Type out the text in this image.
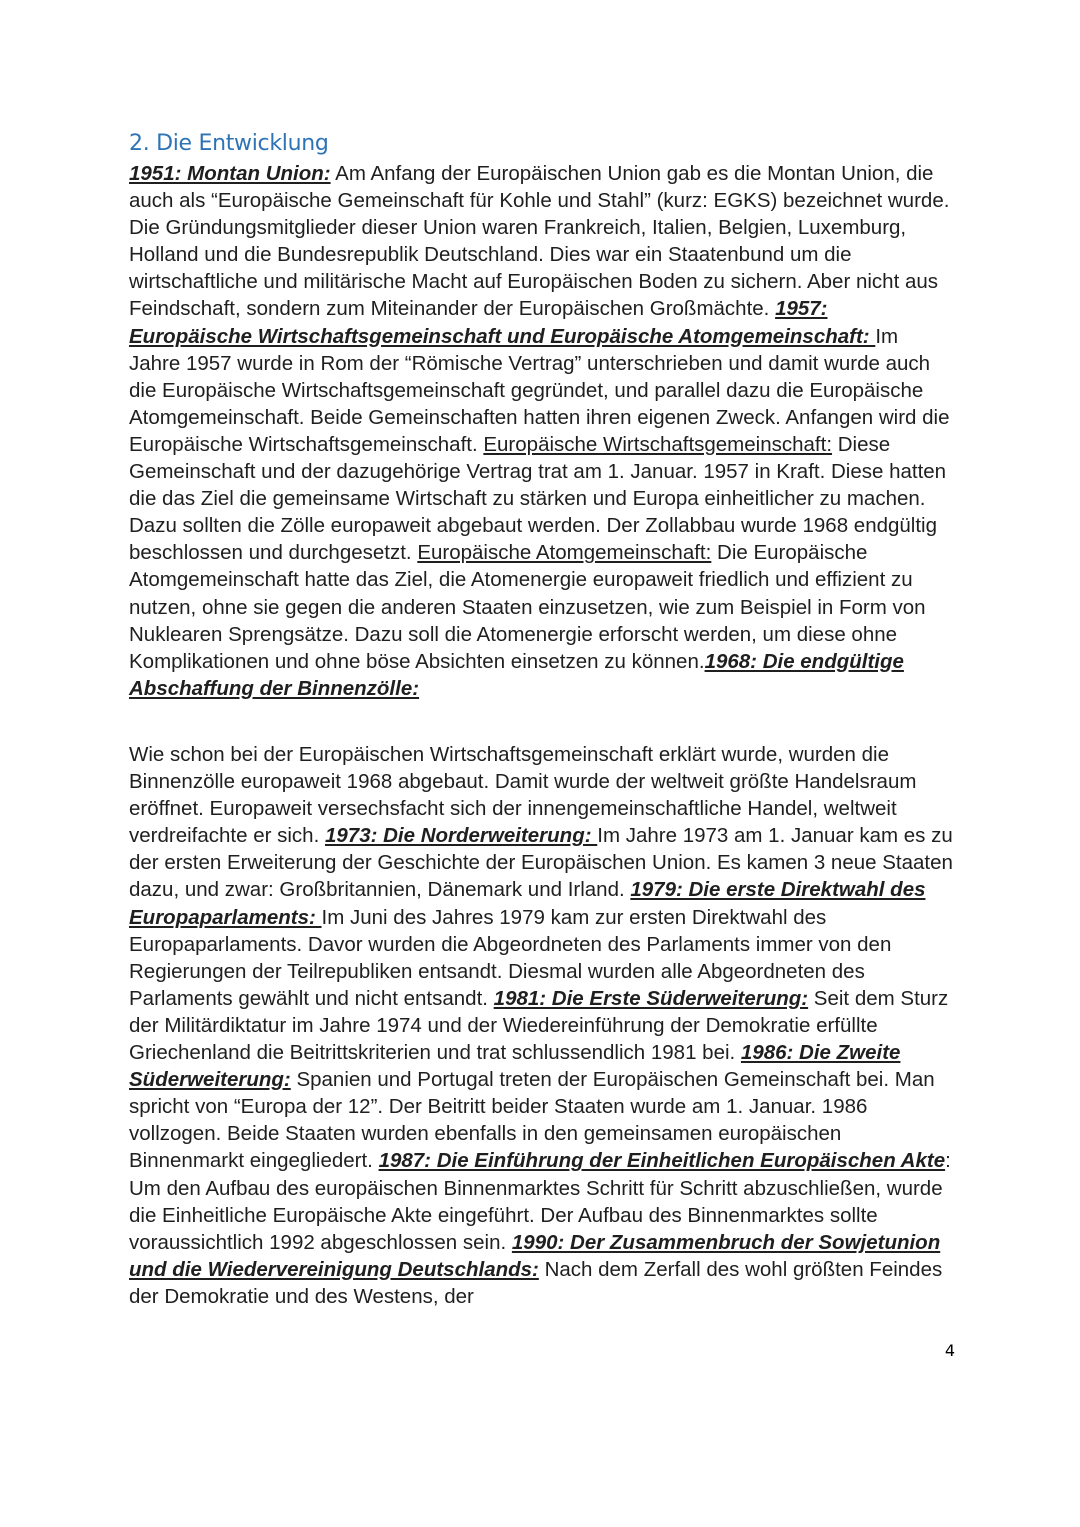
2. Die Entwicklung

1951: Montan Union: Am Anfang der Europäischen Union gab es die Montan Union, die auch als “Europäische Gemeinschaft für Kohle und Stahl” (kurz: EGKS) bezeichnet wurde. Die Gründungsmitglieder dieser Union waren Frankreich, Italien, Belgien, Luxemburg, Holland und die Bundesrepublik Deutschland. Dies war ein Staatenbund um die wirtschaftliche und militärische Macht auf Europäischen Boden zu sichern. Aber nicht aus Feindschaft, sondern zum Miteinander der Europäischen Großmächte. 1957: Europäische Wirtschaftsgemeinschaft und Europäische Atomgemeinschaft: Im Jahre 1957 wurde in Rom der “Römische Vertrag” unterschrieben und damit wurde auch die Europäische Wirtschaftsgemeinschaft gegründet, und parallel dazu die Europäische Atomgemeinschaft. Beide Gemeinschaften hatten ihren eigenen Zweck. Anfangen wird die Europäische Wirtschaftsgemeinschaft. Europäische Wirtschaftsgemeinschaft: Diese Gemeinschaft und der dazugehörige Vertrag trat am 1. Januar. 1957 in Kraft. Diese hatten die das Ziel die gemeinsame Wirtschaft zu stärken und Europa einheitlicher zu machen. Dazu sollten die Zölle europaweit abgebaut werden. Der Zollabbau wurde 1968 endgültig beschlossen und durchgesetzt. Europäische Atomgemeinschaft: Die Europäische Atomgemeinschaft hatte das Ziel, die Atomenergie europaweit friedlich und effizient zu nutzen, ohne sie gegen die anderen Staaten einzusetzen, wie zum Beispiel in Form von Nuklearen Sprengsätze. Dazu soll die Atomenergie erforscht werden, um diese ohne Komplikationen und ohne böse Absichten einsetzen zu können.1968: Die endgültige Abschaffung der Binnenzölle:

Wie schon bei der Europäischen Wirtschaftsgemeinschaft erklärt wurde, wurden die Binnenzölle europaweit 1968 abgebaut. Damit wurde der weltweit größte Handelsraum eröffnet. Europaweit versechsfacht sich der innengemeinschaftliche Handel, weltweit verdreifachte er sich. 1973: Die Norderweiterung: Im Jahre 1973 am 1. Januar kam es zu der ersten Erweiterung der Geschichte der Europäischen Union. Es kamen 3 neue Staaten dazu, und zwar: Großbritannien, Dänemark und Irland. 1979: Die erste Direktwahl des Europaparlaments: Im Juni des Jahres 1979 kam zur ersten Direktwahl des Europaparlaments. Davor wurden die Abgeordneten des Parlaments immer von den Regierungen der Teilrepubliken entsandt. Diesmal wurden alle Abgeordneten des Parlaments gewählt und nicht entsandt. 1981: Die Erste Süderweiterung: Seit dem Sturz der Militärdiktatur im Jahre 1974 und der Wiedereinführung der Demokratie erfüllte Griechenland die Beitrittskriterien und trat schlussendlich 1981 bei. 1986: Die Zweite Süderweiterung: Spanien und Portugal treten der Europäischen Gemeinschaft bei. Man spricht von “Europa der 12”. Der Beitritt beider Staaten wurde am 1. Januar. 1986 vollzogen. Beide Staaten wurden ebenfalls in den gemeinsamen europäischen Binnenmarkt eingegliedert. 1987: Die Einführung der Einheitlichen Europäischen Akte: Um den Aufbau des europäischen Binnenmarktes Schritt für Schritt abzuschließen, wurde die Einheitliche Europäische Akte eingeführt. Der Aufbau des Binnenmarktes sollte voraussichtlich 1992 abgeschlossen sein. 1990: Der Zusammenbruch der Sowjetunion und die Wiedervereinigung Deutschlands: Nach dem Zerfall des wohl größten Feindes der Demokratie und des Westens, der

4
